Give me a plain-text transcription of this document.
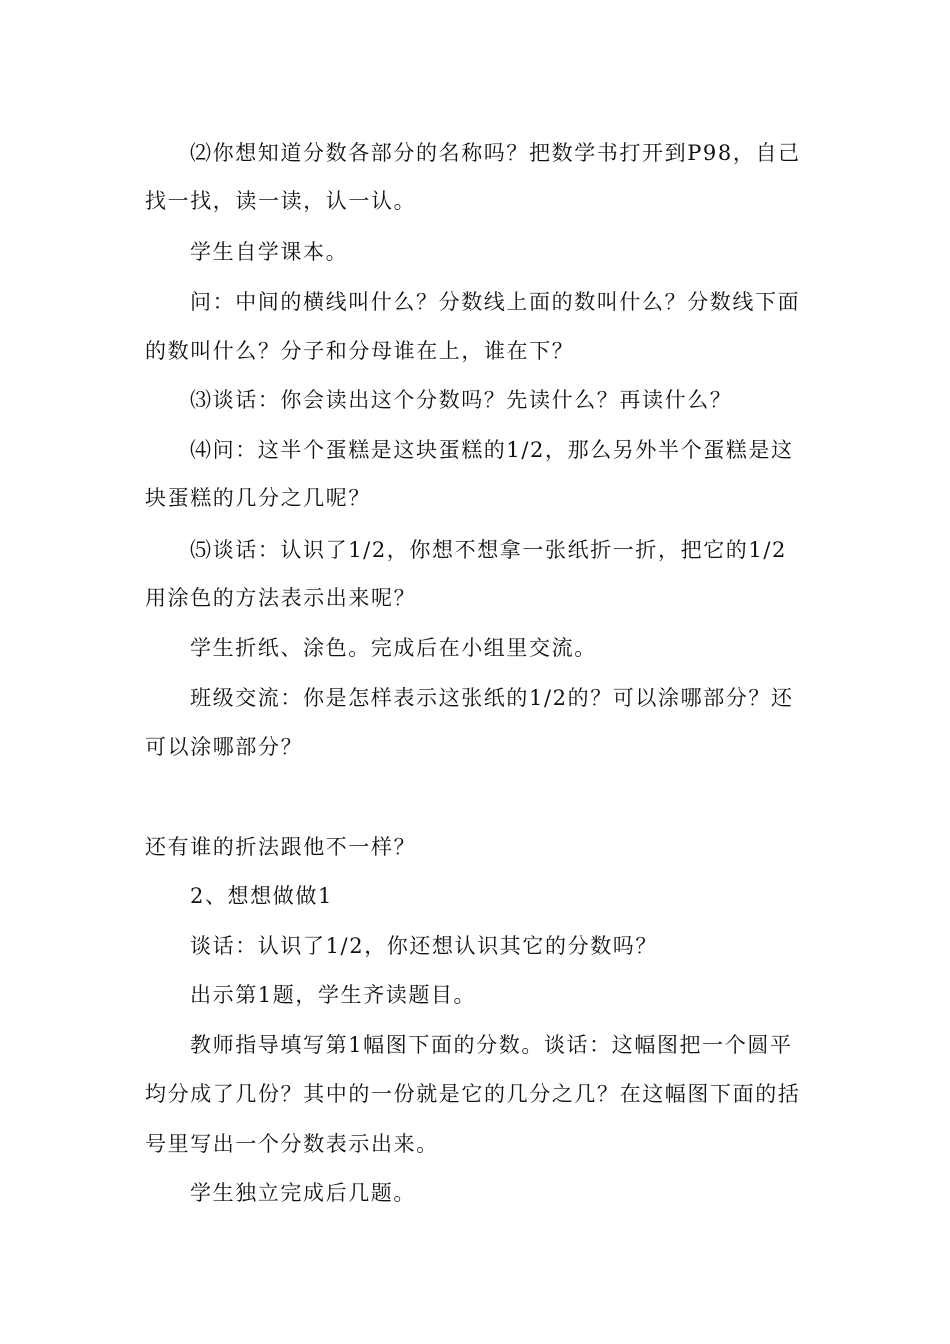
⑵你想知道分数各部分的名称吗？把数学书打开到P98，自己
找一找，读一读，认一认。
学生自学课本。
问：中间的横线叫什么？分数线上面的数叫什么？分数线下面
的数叫什么？分子和分母谁在上，谁在下？
⑶谈话：你会读出这个分数吗？先读什么？再读什么？
⑷问：这半个蛋糕是这块蛋糕的1/2，那么另外半个蛋糕是这
块蛋糕的几分之几呢？
⑸谈话：认识了1/2，你想不想拿一张纸折一折，把它的1/2
用涂色的方法表示出来呢？
学生折纸、涂色。完成后在小组里交流。
班级交流：你是怎样表示这张纸的1/2的？可以涂哪部分？还
可以涂哪部分？
还有谁的折法跟他不一样？
2、想想做做1
谈话：认识了1/2，你还想认识其它的分数吗？
出示第1题，学生齐读题目。
教师指导填写第1幅图下面的分数。谈话：这幅图把一个圆平
均分成了几份？其中的一份就是它的几分之几？在这幅图下面的括
号里写出一个分数表示出来。
学生独立完成后几题。
